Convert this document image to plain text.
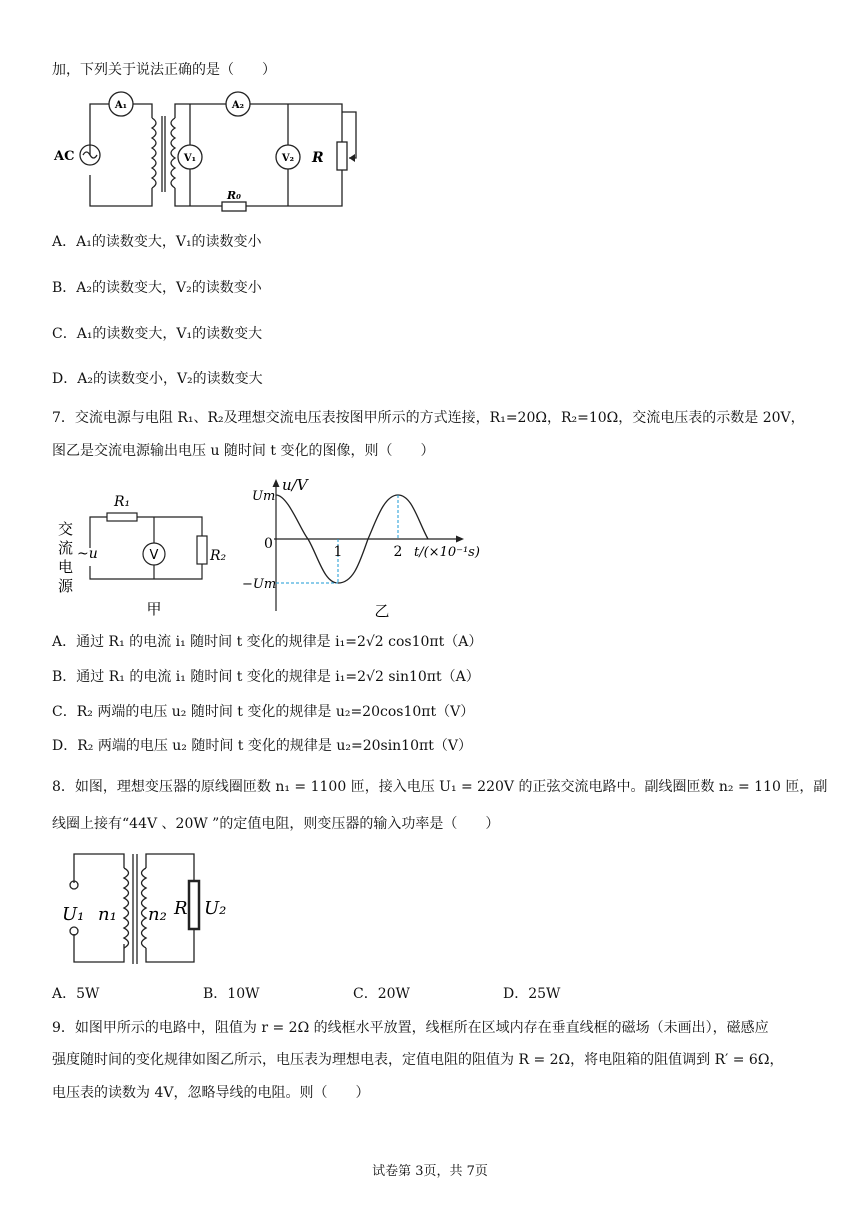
加，下列关于说法正确的是（　　）
AC
A₁	A₂
V₁	V₂ R
R₀
A．A₁的读数变大，V₁的读数变小
B．A₂的读数变大，V₂的读数变小
C．A₁的读数变大，V₁的读数变大
D．A₂的读数变小，V₂的读数变大
7．交流电源与电阻 R₁、R₂及理想交流电压表按图甲所示的方式连接，R₁=20Ω，R₂=10Ω，交流电压表的示数是 20V，
图乙是交流电源输出电压 u 随时间 t 变化的图像，则（　　）
交
流
电
源
~u
R₁
R₂
V
甲
u/V
Um
−Um
0	1	2 t/(×10⁻¹s)
乙
A．通过 R₁ 的电流 i₁ 随时间 t 变化的规律是 i₁=2√2 cos10πt（A）
B．通过 R₁ 的电流 i₁ 随时间 t 变化的规律是 i₁=2√2 sin10πt（A）
C．R₂ 两端的电压 u₂ 随时间 t 变化的规律是 u₂=20cos10πt（V）
D．R₂ 两端的电压 u₂ 随时间 t 变化的规律是 u₂=20sin10πt（V）
8．如图，理想变压器的原线圈匝数 n₁ = 1100 匝，接入电压 U₁ = 220V 的正弦交流电路中。副线圈匝数 n₂ = 110 匝，副
线圈上接有“44V 、20W ”的定值电阻，则变压器的输入功率是（　　）
U₁ n₁ n₂ R U₂
A．5W	B．10W	C．20W	D．25W
9．如图甲所示的电路中，阻值为 r = 2Ω 的线框水平放置，线框所在区域内存在垂直线框的磁场（未画出），磁感应
强度随时间的变化规律如图乙所示，电压表为理想电表，定值电阻的阻值为 R = 2Ω，将电阻箱的阻值调到 R′ = 6Ω，
电压表的读数为 4V，忽略导线的电阻。则（　　）
试卷第 3页，共 7页
